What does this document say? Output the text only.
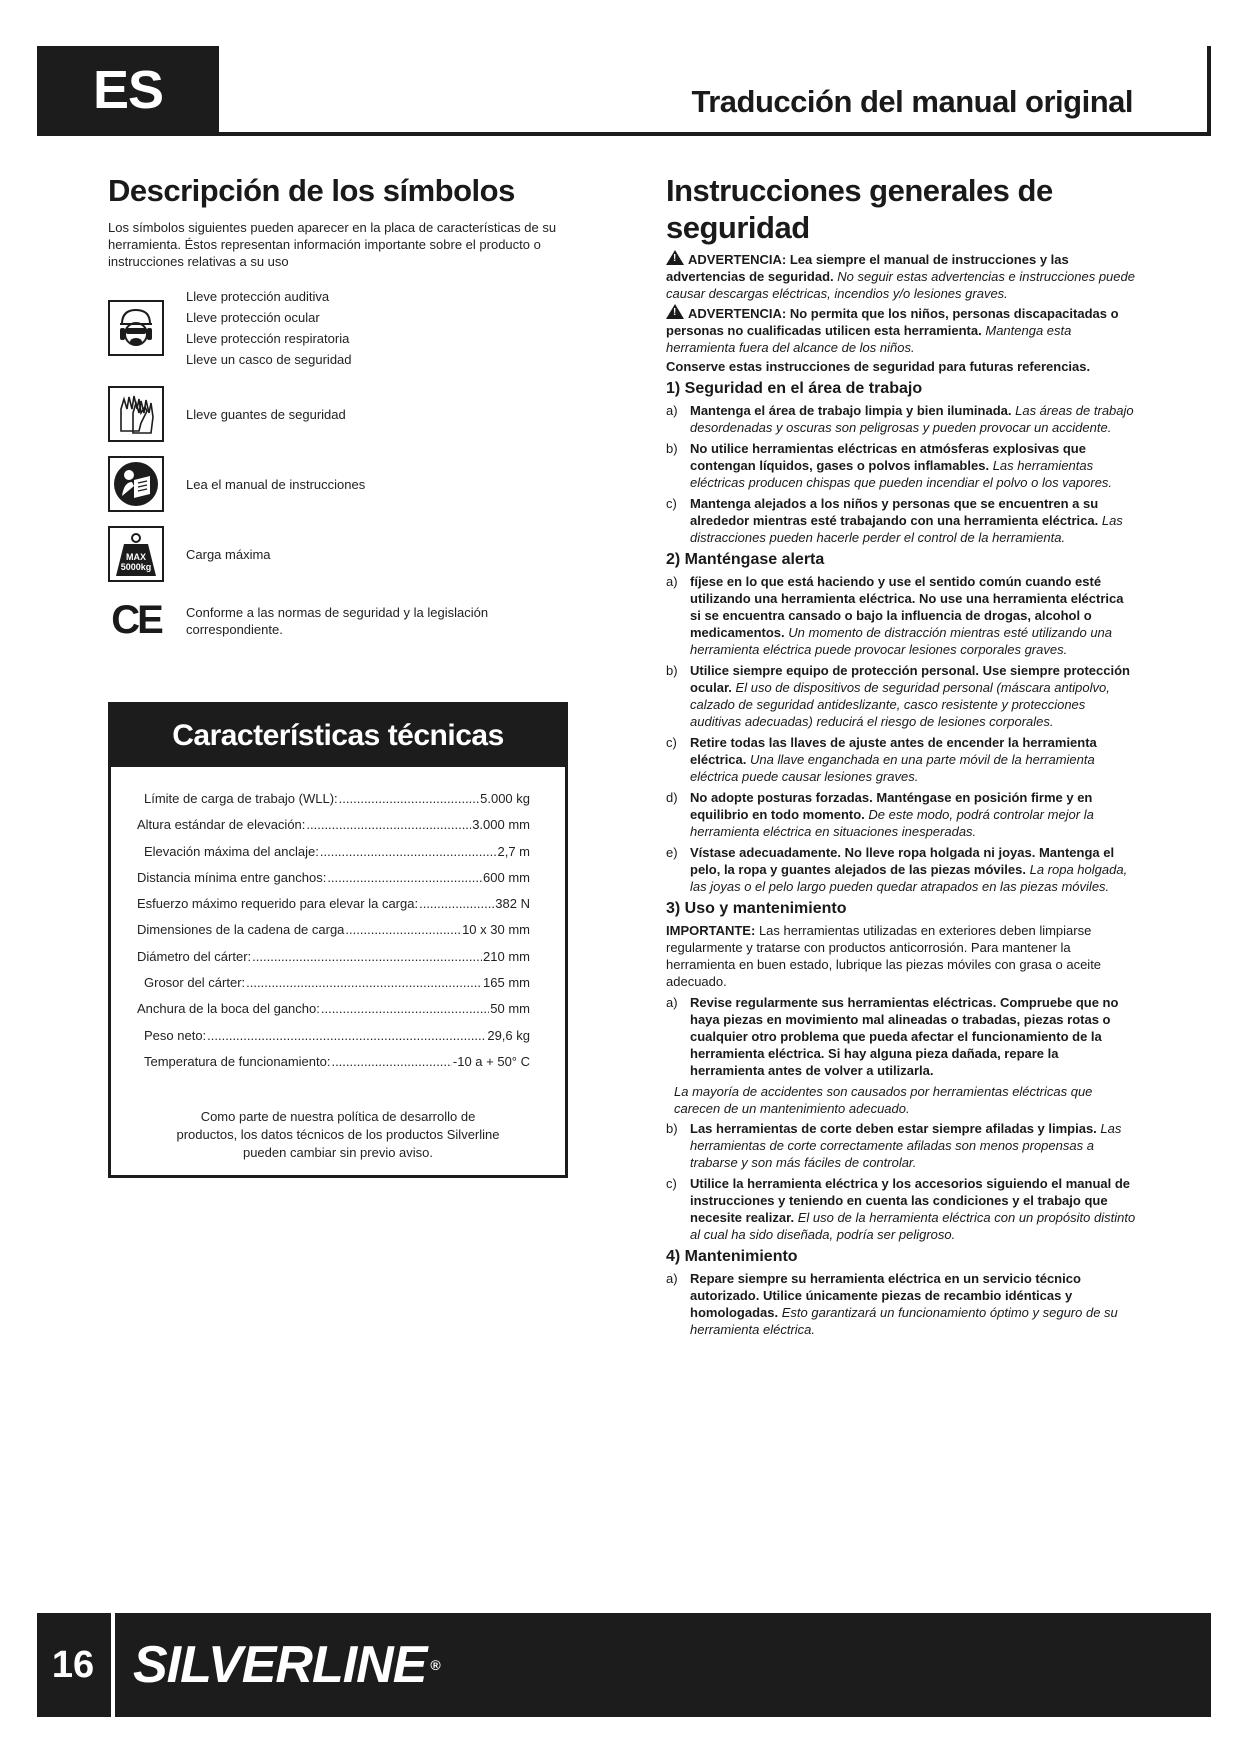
ES	Traducción del manual original
Descripción de los símbolos
Los símbolos siguientes pueden aparecer en la placa de características de su herramienta. Éstos representan información importante sobre el producto o instrucciones relativas a su uso
Lleve protección auditiva
Lleve protección ocular
Lleve protección respiratoria
Lleve un casco de seguridad
Lleve guantes de seguridad
Lea el manual de instrucciones
MAX
5000kg
Carga máxima
CE Conforme a las normas de seguridad y la legislación correspondiente.
Características técnicas
Límite de carga de trabajo (WLL): .....	5.000 kg
Altura estándar de elevación: .....	3.000 mm
Elevación máxima del anclaje: .....	2,7 m
Distancia mínima entre ganchos: .....	600 mm
Esfuerzo máximo requerido para elevar la carga: .....	382 N
Dimensiones de la cadena de carga .....	10 x 30 mm
Diámetro del cárter: .....	210 mm
Grosor del cárter: .....	165 mm
Anchura de la boca del gancho: .....	50 mm
Peso neto: .....	29,6 kg
Temperatura de funcionamiento: .....	-10 a + 50° C
Como parte de nuestra política de desarrollo de productos, los datos técnicos de los productos Silverline pueden cambiar sin previo aviso.
Instrucciones generales de seguridad

!ADVERTENCIA: Lea siempre el manual de instrucciones y las advertencias de seguridad. No seguir estas advertencias e instrucciones puede causar descargas eléctricas, incendios y/o lesiones graves.

!ADVERTENCIA: No permita que los niños, personas discapacitadas o personas no cualificadas utilicen esta herramienta. Mantenga esta herramienta fuera del alcance de los niños.

Conserve estas instrucciones de seguridad para futuras referencias.

1) Seguridad en el área de trabajo
a) Mantenga el área de trabajo limpia y bien iluminada. Las áreas de trabajo desordenadas y oscuras son peligrosas y pueden provocar un accidente.
b) No utilice herramientas eléctricas en atmósferas explosivas que contengan líquidos, gases o polvos inflamables. Las herramientas eléctricas producen chispas que pueden incendiar el polvo o los vapores.
c)	Mantenga alejados a los niños y personas que se encuentren a su alrededor mientras esté trabajando con una herramienta eléctrica. Las distracciones pueden hacerle perder el control de la herramienta.
2) Manténgase alerta
a) fíjese en lo que está haciendo y use el sentido común cuando esté utilizando una herramienta eléctrica. No use una herramienta eléctrica si se encuentra cansado o bajo la influencia de drogas, alcohol o medicamentos. Un momento de distracción mientras esté utilizando una herramienta eléctrica puede provocar lesiones corporales graves.
b) Utilice siempre equipo de protección personal. Use siempre protección ocular. El uso de dispositivos de seguridad personal (máscara antipolvo, calzado de seguridad antideslizante, casco resistente y protecciones auditivas adecuadas) reducirá el riesgo de lesiones corporales.
c)	Retire todas las llaves de ajuste antes de encender la herramienta eléctrica. Una llave enganchada en una parte móvil de la herramienta eléctrica puede causar lesiones graves.
d) No adopte posturas forzadas. Manténgase en posición firme y en equilibrio en todo momento. De este modo, podrá controlar mejor la herramienta eléctrica en situaciones inesperadas.
e) Vístase adecuadamente. No lleve ropa holgada ni joyas. Mantenga el pelo, la ropa y guantes alejados de las piezas móviles. La ropa holgada, las joyas o el pelo largo pueden quedar atrapados en las piezas móviles.
3) Uso y mantenimiento

IMPORTANTE: Las herramientas utilizadas en exteriores deben limpiarse regularmente y tratarse con productos anticorrosión. Para mantener la herramienta en buen estado, lubrique las piezas móviles con grasa o aceite adecuado.

a) Revise regularmente sus herramientas eléctricas. Compruebe que no haya piezas en movimiento mal alineadas o trabadas, piezas rotas o cualquier otro problema que pueda afectar el funcionamiento de la herramienta eléctrica. Si hay alguna pieza dañada, repare la herramienta antes de volver a utilizarla.

La mayoría de accidentes son causados por herramientas eléctricas que carecen de un mantenimiento adecuado.

b) Las herramientas de corte deben estar siempre afiladas y limpias. Las herramientas de corte correctamente afiladas son menos propensas a trabarse y son más fáciles de controlar.
c)	Utilice la herramienta eléctrica y los accesorios siguiendo el manual de instrucciones y teniendo en cuenta las condiciones y el trabajo que necesite realizar. El uso de la herramienta eléctrica con un propósito distinto al cual ha sido diseñada, podría ser peligroso.
4) Mantenimiento
a) Repare siempre su herramienta eléctrica en un servicio técnico autorizado. Utilice únicamente piezas de recambio idénticas y homologadas. Esto garantizará un funcionamiento óptimo y seguro de su herramienta eléctrica.
16 SILVERLINE ®
